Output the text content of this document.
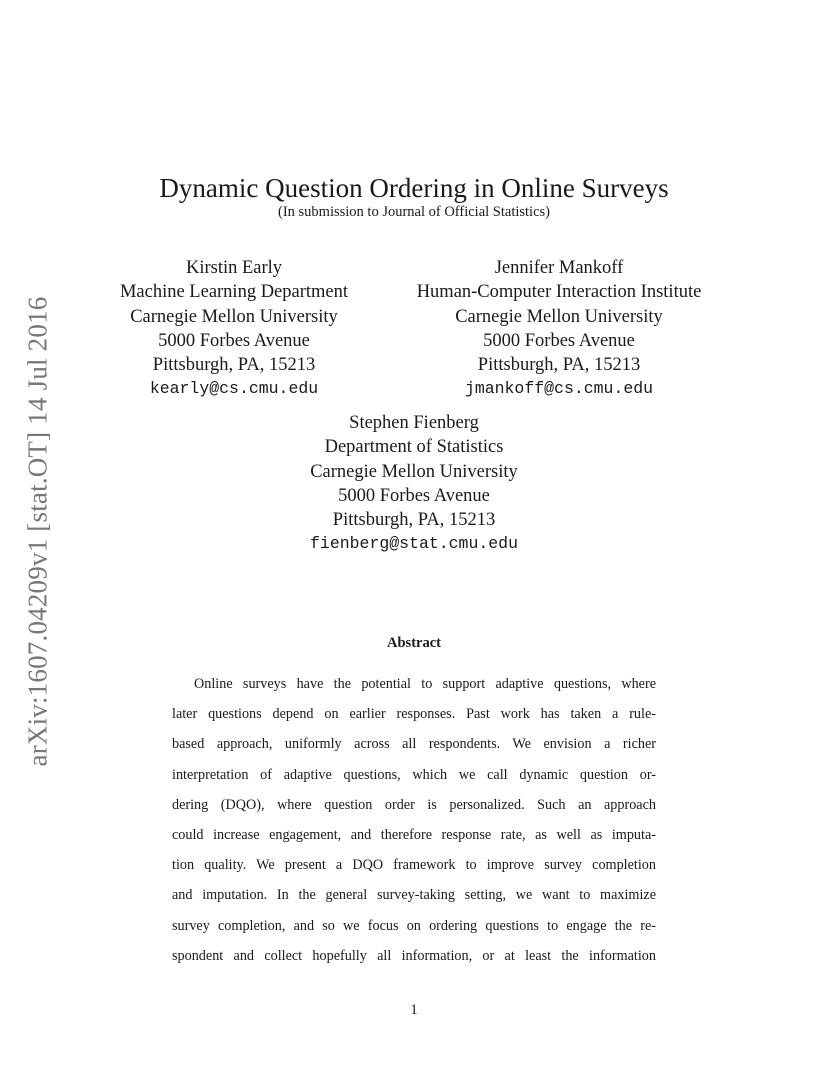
arXiv:1607.04209v1 [stat.OT] 14 Jul 2016
Dynamic Question Ordering in Online Surveys
(In submission to Journal of Official Statistics)
Kirstin Early
Machine Learning Department
Carnegie Mellon University
5000 Forbes Avenue
Pittsburgh, PA, 15213
kearly@cs.cmu.edu
Jennifer Mankoff
Human-Computer Interaction Institute
Carnegie Mellon University
5000 Forbes Avenue
Pittsburgh, PA, 15213
jmankoff@cs.cmu.edu
Stephen Fienberg
Department of Statistics
Carnegie Mellon University
5000 Forbes Avenue
Pittsburgh, PA, 15213
fienberg@stat.cmu.edu
Abstract
Online surveys have the potential to support adaptive questions, where
later questions depend on earlier responses. Past work has taken a rule-
based approach, uniformly across all respondents. We envision a richer
interpretation of adaptive questions, which we call dynamic question or-
dering (DQO), where question order is personalized. Such an approach
could increase engagement, and therefore response rate, as well as imputa-
tion quality. We present a DQO framework to improve survey completion
and imputation. In the general survey-taking setting, we want to maximize
survey completion, and so we focus on ordering questions to engage the re-
spondent and collect hopefully all information, or at least the information
1
